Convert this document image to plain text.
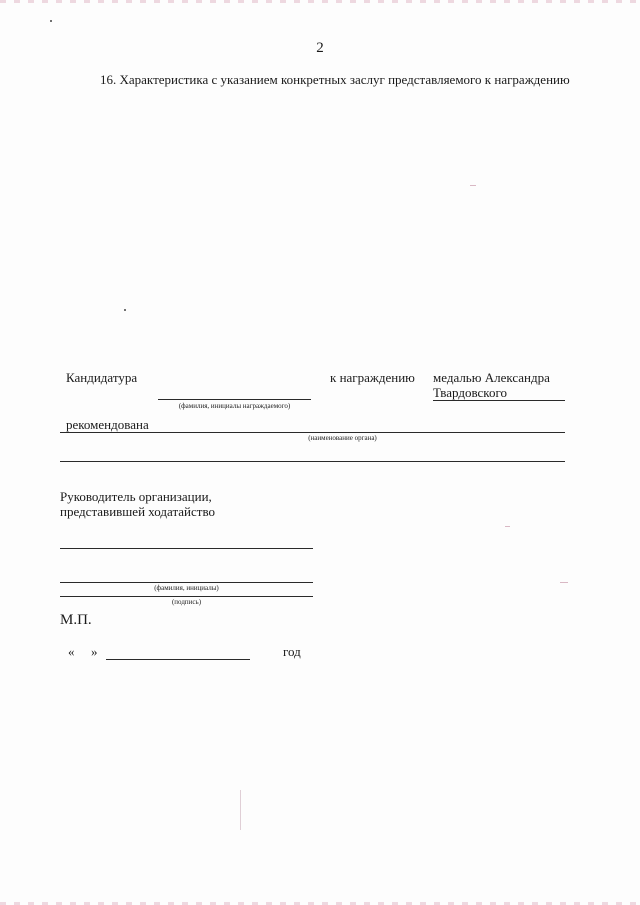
2
16. Характеристика с указанием конкретных заслуг представляемого к награждению
Кандидатура
(фамилия, инициалы награждаемого)
к награждению медалью Александра
Твардовского
рекомендована
(наименование органа)
Руководитель организации,
представившей ходатайство
(фамилия, инициалы)
(подпись)
М.П.
« »	год
